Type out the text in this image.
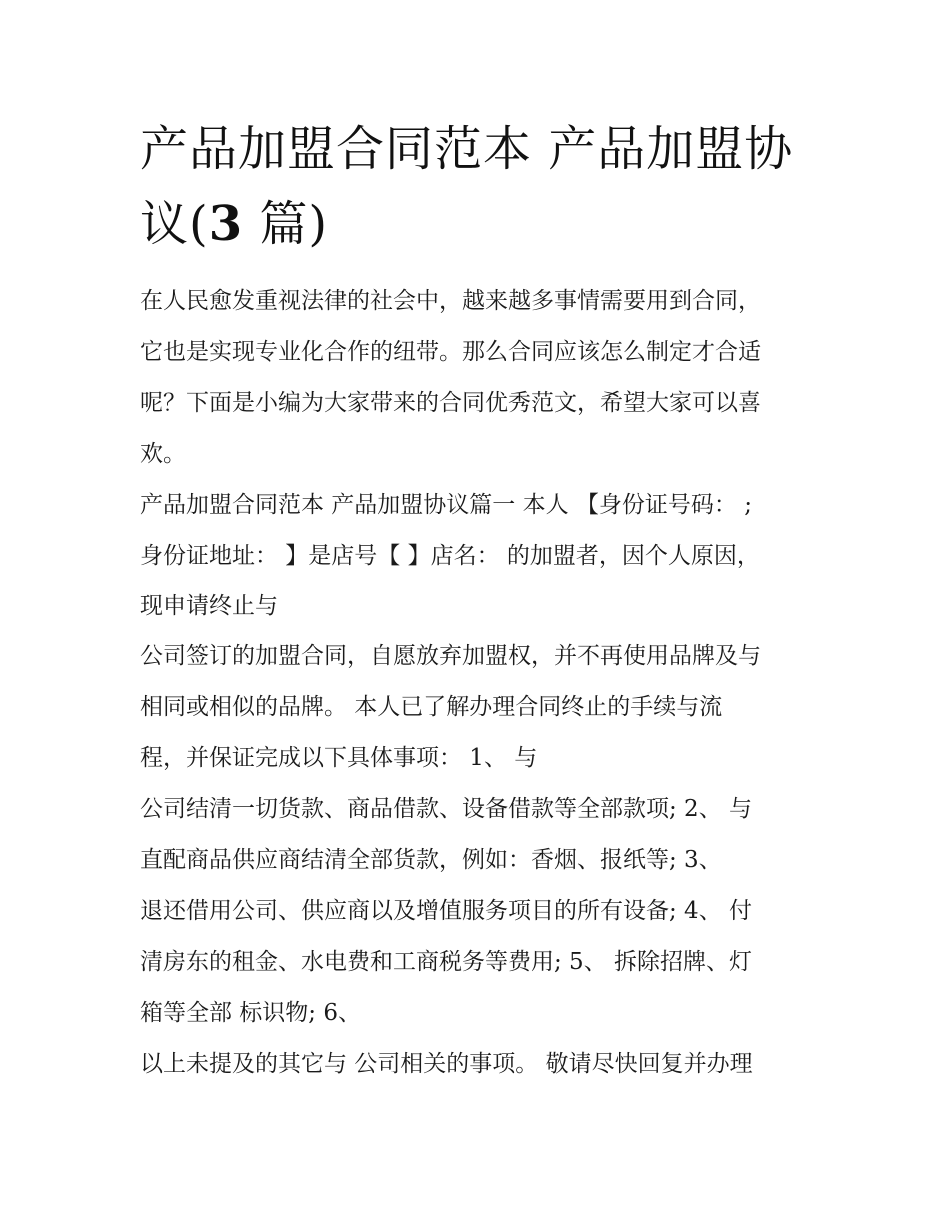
产品加盟合同范本 产品加盟协
议(3 篇)
在人民愈发重视法律的社会中，越来越多事情需要用到合同，
它也是实现专业化合作的纽带。那么合同应该怎么制定才合适
呢？下面是小编为大家带来的合同优秀范文，希望大家可以喜
欢。
产品加盟合同范本 产品加盟协议篇一 本人 【身份证号码： ;
身份证地址： 】是店号【 】店名： 的加盟者，因个人原因，
现申请终止与
公司签订的加盟合同，自愿放弃加盟权，并不再使用品牌及与
相同或相似的品牌。 本人已了解办理合同终止的手续与流
程，并保证完成以下具体事项： 1、 与
公司结清一切货款、商品借款、设备借款等全部款项; 2、 与
直配商品供应商结清全部货款，例如：香烟、报纸等; 3、
退还借用公司、供应商以及增值服务项目的所有设备; 4、 付
清房东的租金、水电费和工商税务等费用; 5、 拆除招牌、灯
箱等全部 标识物; 6、
以上未提及的其它与 公司相关的事项。 敬请尽快回复并办理
